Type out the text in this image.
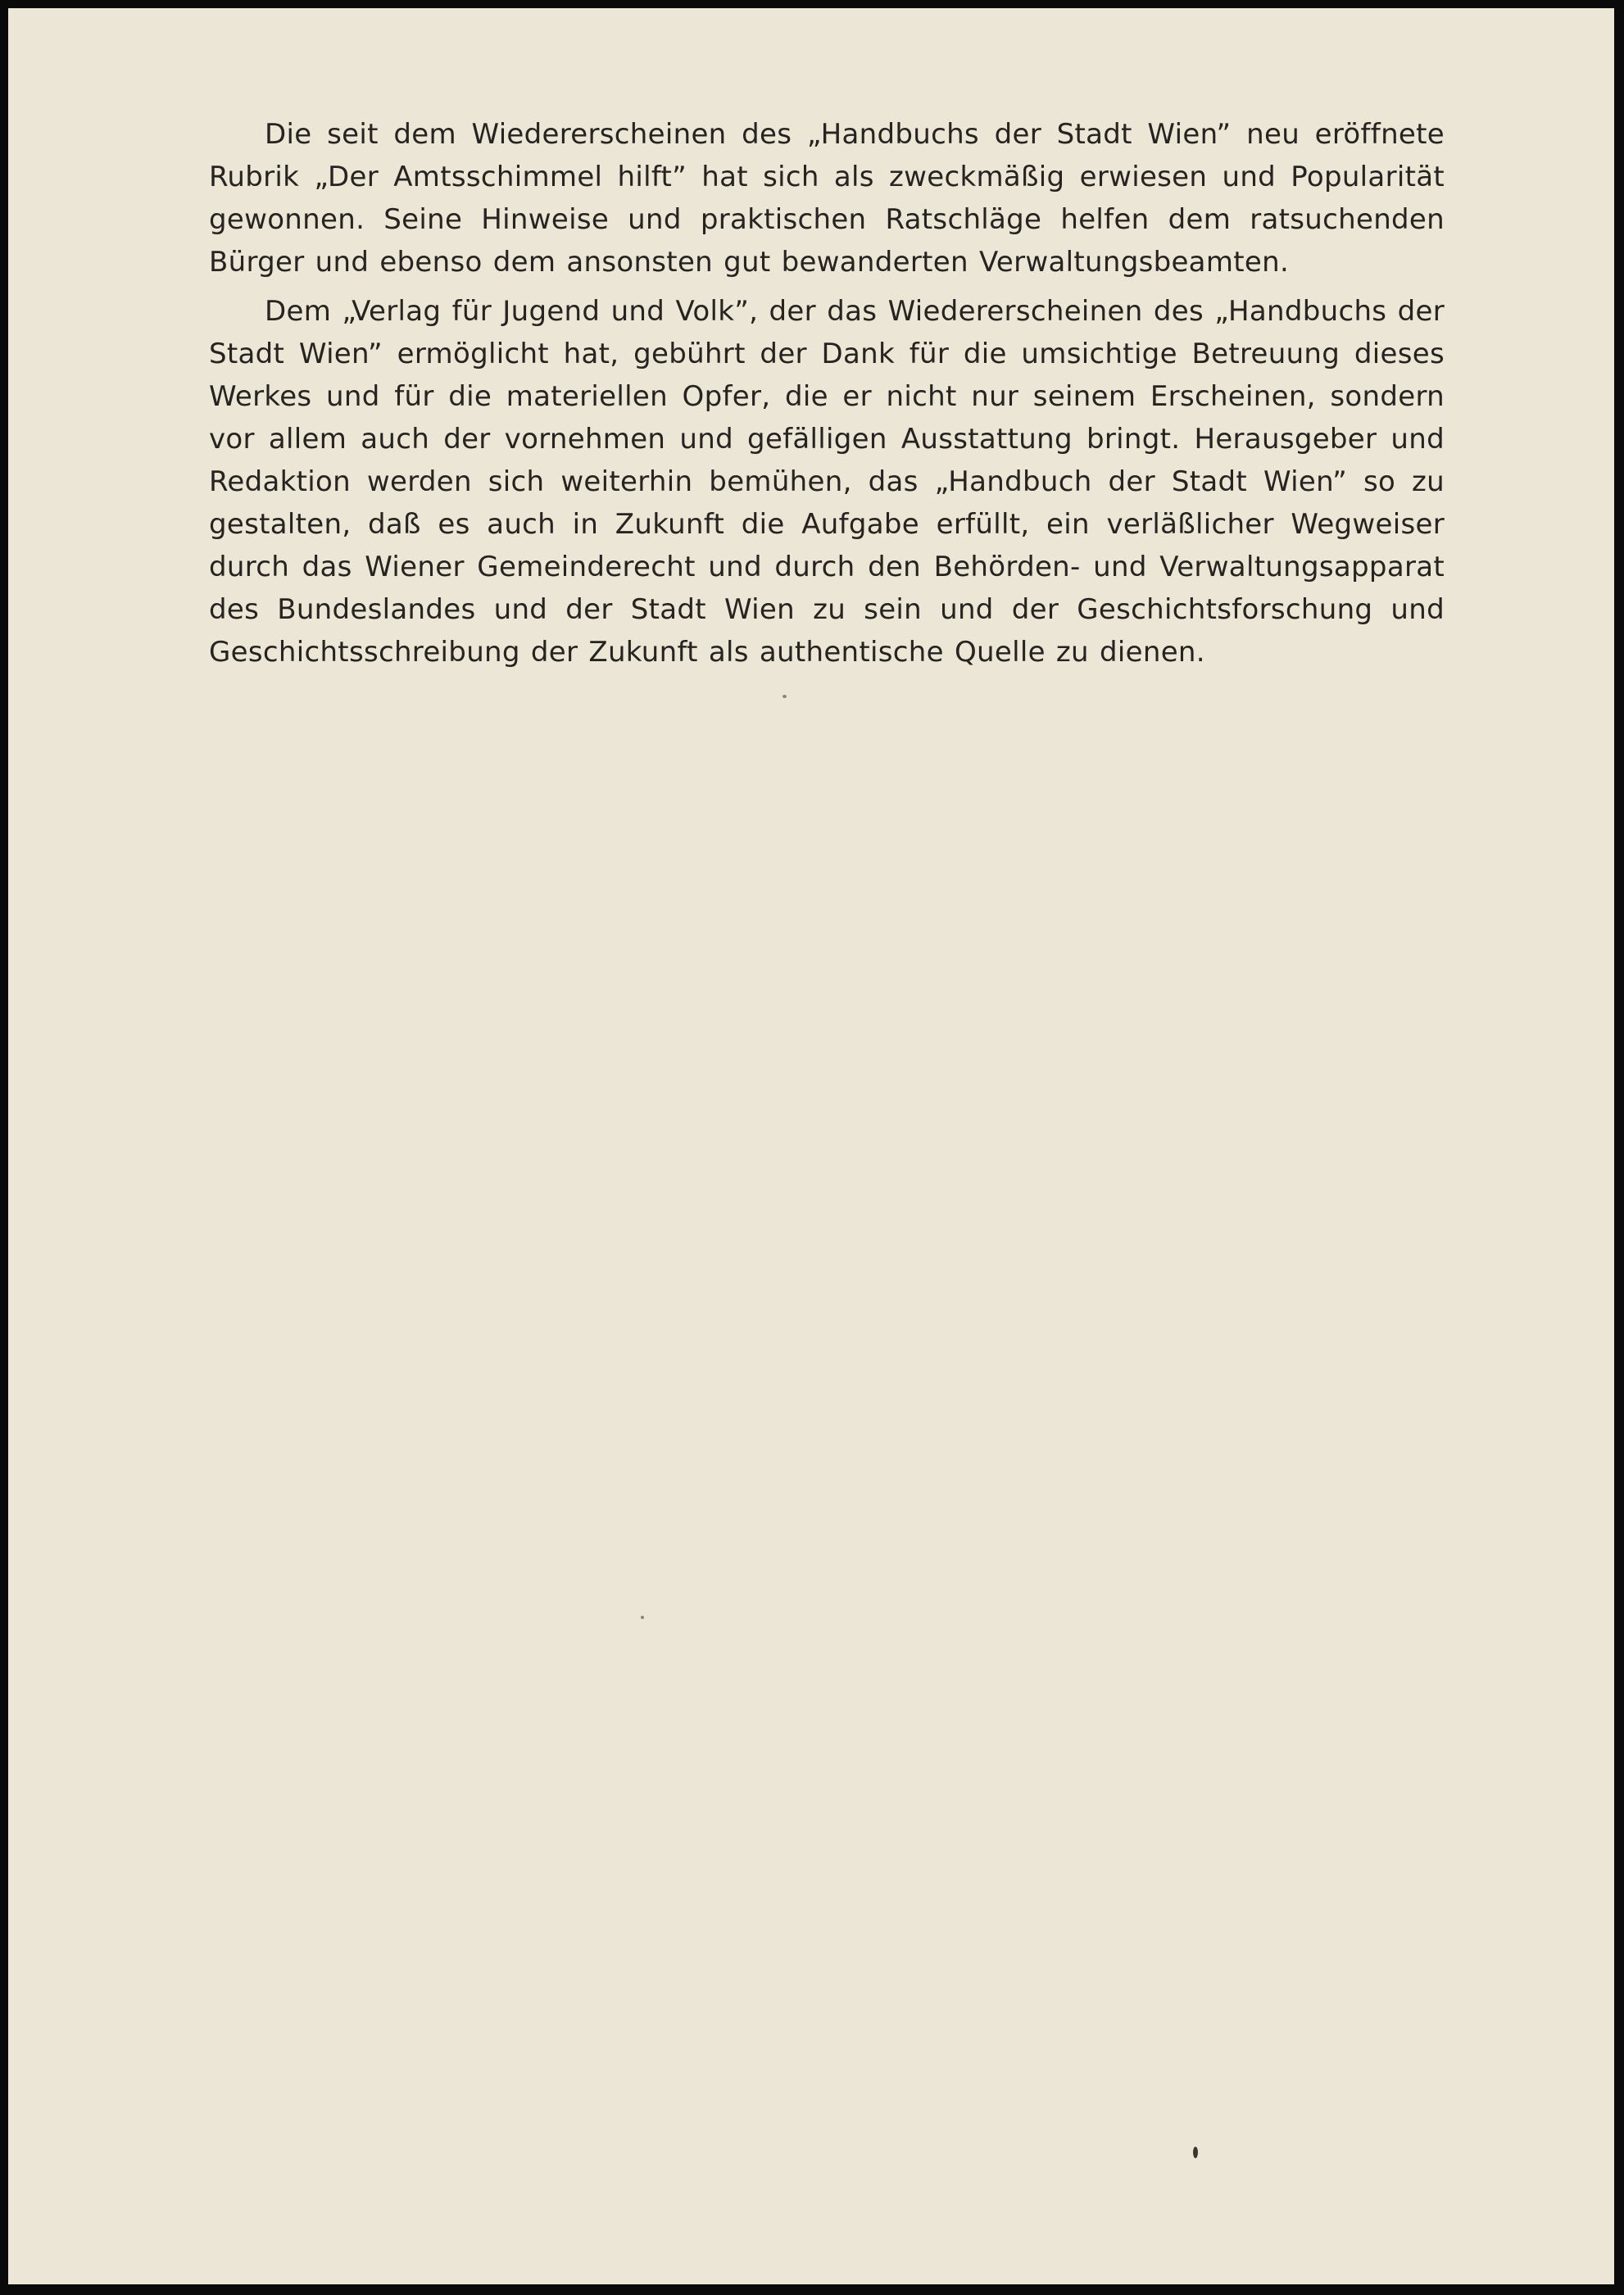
Die seit dem Wiedererscheinen des „Handbuchs der Stadt Wien” neu eröffnete Rubrik „Der Amtsschimmel hilft” hat sich als zweckmäßig erwiesen und Popularität gewonnen. Seine Hinweise und praktischen Ratschläge helfen dem ratsuchenden Bürger und ebenso dem ansonsten gut bewanderten Verwaltungsbeamten.

Dem „Verlag für Jugend und Volk”, der das Wiedererscheinen des „Handbuchs der Stadt Wien” ermöglicht hat, gebührt der Dank für die umsichtige Betreuung dieses Werkes und für die materiellen Opfer, die er nicht nur seinem Erscheinen, sondern vor allem auch der vornehmen und gefälligen Ausstattung bringt. Herausgeber und Redaktion werden sich weiterhin bemühen, das „Handbuch der Stadt Wien” so zu gestalten, daß es auch in Zukunft die Aufgabe erfüllt, ein verläßlicher Wegweiser durch das Wiener Gemeinderecht und durch den Behörden- und Verwaltungsapparat des Bundeslandes und der Stadt Wien zu sein und der Geschichtsforschung und Geschichtsschreibung der Zukunft als authentische Quelle zu dienen.
